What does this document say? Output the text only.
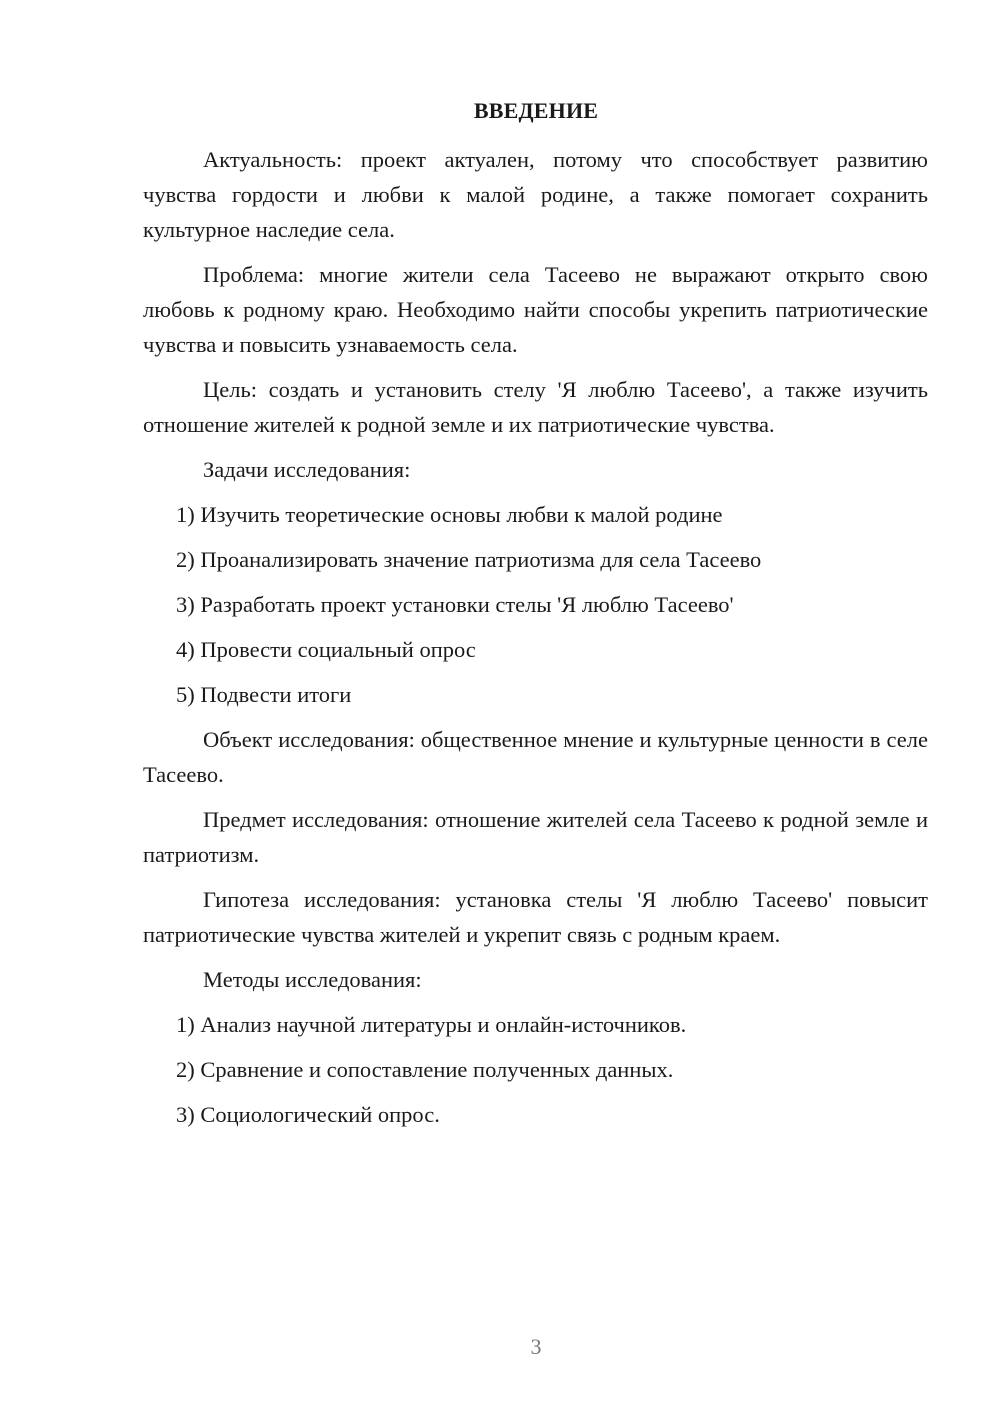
ВВЕДЕНИЕ

Актуальность: проект актуален, потому что способствует развитию чувства гордости и любви к малой родине, а также помогает сохранить культурное наследие села.

Проблема: многие жители села Тасеево не выражают открыто свою любовь к родному краю. Необходимо найти способы укрепить патриотические чувства и повысить узнаваемость села.

Цель: создать и установить стелу 'Я люблю Тасеево', а также изучить отношение жителей к родной земле и их патриотические чувства.

Задачи исследования:

1) Изучить теоретические основы любви к малой родине

2) Проанализировать значение патриотизма для села Тасеево

3) Разработать проект установки стелы 'Я люблю Тасеево'

4) Провести социальный опрос

5) Подвести итоги

Объект исследования: общественное мнение и культурные ценности в селе Тасеево.

Предмет исследования: отношение жителей села Тасеево к родной земле и патриотизм.

Гипотеза исследования: установка стелы 'Я люблю Тасеево' повысит патриотические чувства жителей и укрепит связь с родным краем.

Методы исследования:

1) Анализ научной литературы и онлайн-источников.

2) Сравнение и сопоставление полученных данных.

3) Социологический опрос.

3
